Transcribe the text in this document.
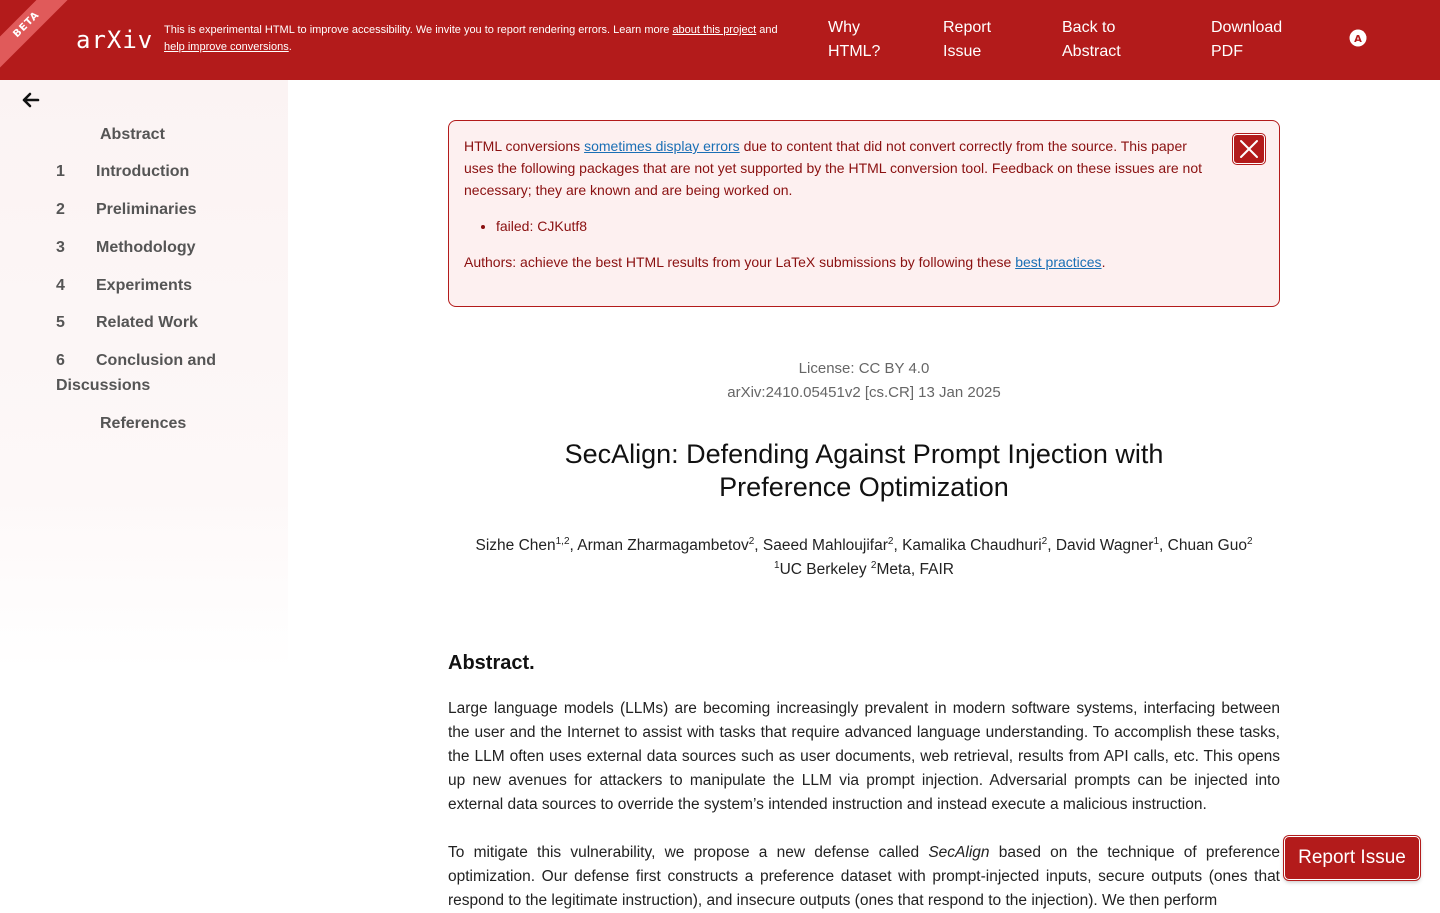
BETA
arXiv This is experimental HTML to improve accessibility. We invite you to report rendering errors. Learn more about this project and
help improve conversions.
Why
HTML?
Report
Issue
Back to
Abstract
Download
PDF
A
Abstract
1	Introduction
2	Preliminaries
3	Methodology
4	Experiments
5	Related Work
6	Conclusion and
Discussions
References

HTML conversions sometimes display errors due to content that did not convert correctly from the source. This paper uses the following packages that are not yet supported by the HTML conversion tool. Feedback on these issues are not necessary; they are known and are being worked on.

• failed: CJKutf8

Authors: achieve the best HTML results from your LaTeX submissions by following these best practices.

License: CC BY 4.0
arXiv:2410.05451v2 [cs.CR] 13 Jan 2025
SecAlign: Defending Against Prompt Injection with Preference Optimization
Sizhe Chen$^{1,2}$, Arman Zharmagambetov$^2$, Saeed Mahloujifar$^2$, Kamalika Chaudhuri$^2$, David Wagner$^1$, Chuan Guo$^2$
$^1$UC Berkeley $^2$Meta, FAIR
Abstract.
Large language models (LLMs) are becoming increasingly prevalent in modern software systems, interfacing between the user and the Internet to assist with tasks that require advanced language understanding. To accomplish these tasks, the LLM often uses external data sources such as user documents, web retrieval, results from API calls, etc. This opens up new avenues for attackers to manipulate the LLM via prompt injection. Adversarial prompts can be injected into external data sources to override the system’s intended instruction and instead execute a malicious instruction.
To mitigate this vulnerability, we propose a new defense called SecAlign based on the technique of preference optimization. Our defense first constructs a preference dataset with prompt-injected inputs, secure outputs (ones that respond to the legitimate instruction), and insecure outputs (ones that respond to the injection). We then perform
Report Issue
